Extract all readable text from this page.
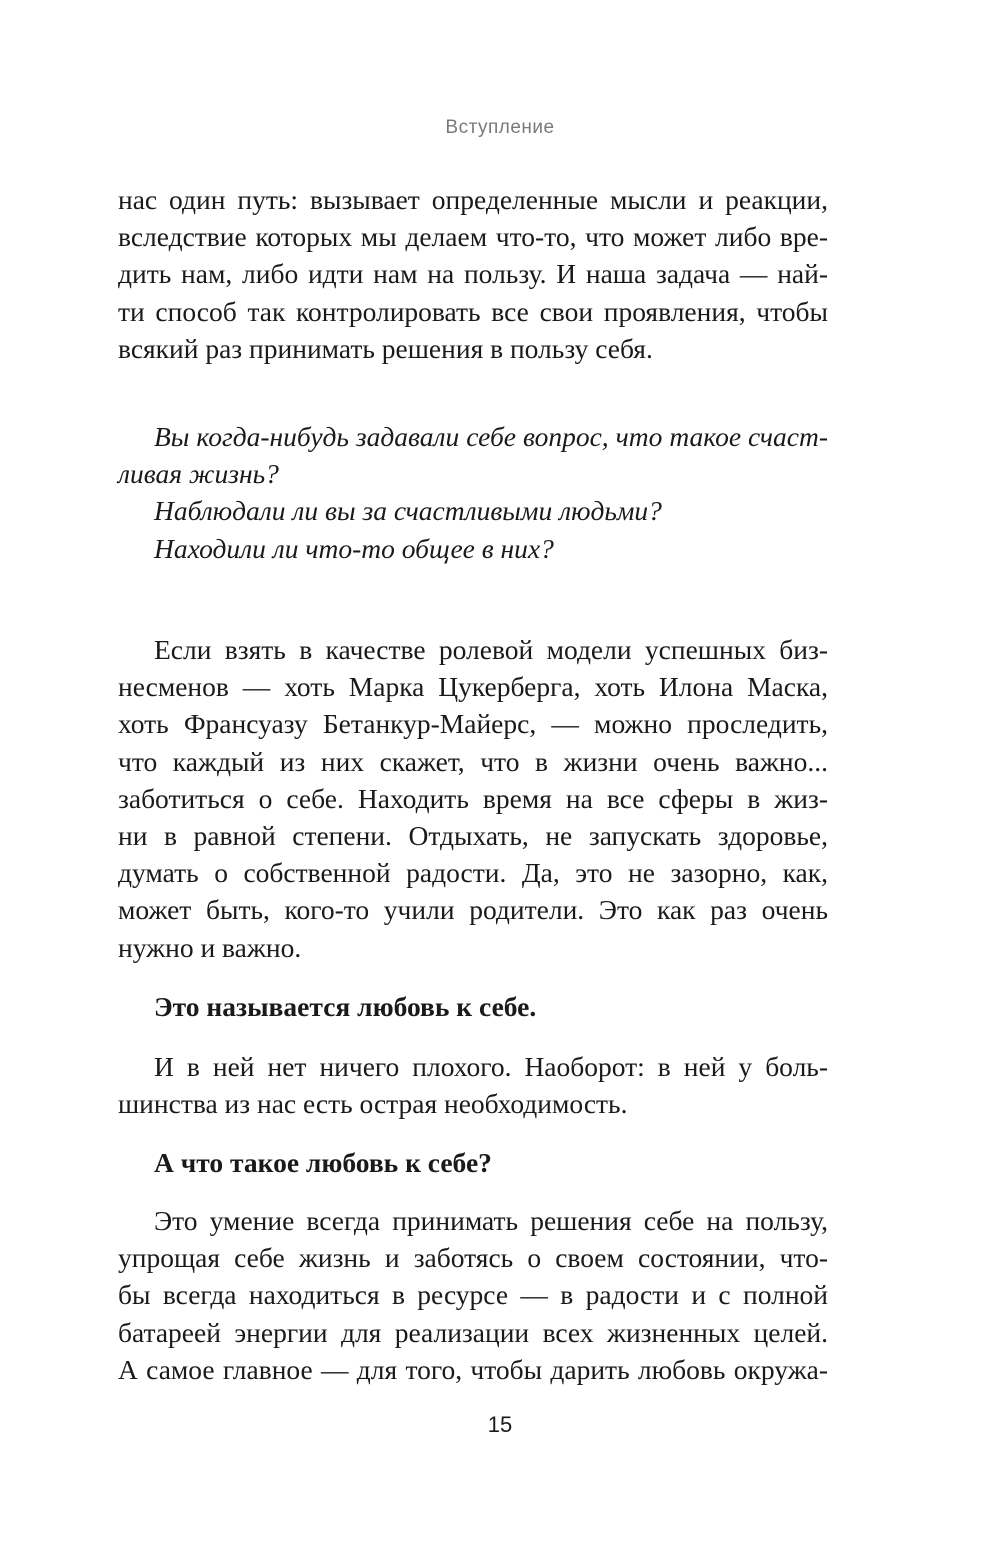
Вступление
нас один путь: вызывает определенные мысли и реакции,
вследствие которых мы делаем что-то, что может либо вре-
дить нам, либо идти нам на пользу. И наша задача — най-
ти способ так контролировать все свои проявления, чтобы
всякий раз принимать решения в пользу себя.
Вы когда-нибудь задавали себе вопрос, что такое счаст-
ливая жизнь?
Наблюдали ли вы за счастливыми людьми?
Находили ли что-то общее в них?
Если взять в качестве ролевой модели успешных биз-
несменов — хоть Марка Цукерберга, хоть Илона Маска,
хоть Франсуазу Бетанкур-Майерс, — можно проследить,
что каждый из них скажет, что в жизни очень важно...
заботиться о себе. Находить время на все сферы в жиз-
ни в равной степени. Отдыхать, не запускать здоровье,
думать о собственной радости. Да, это не зазорно, как,
может быть, кого-то учили родители. Это как раз очень
нужно и важно.
Это называется любовь к себе.
И в ней нет ничего плохого. Наоборот: в ней у боль-
шинства из нас есть острая необходимость.
А что такое любовь к себе?
Это умение всегда принимать решения себе на пользу,
упрощая себе жизнь и заботясь о своем состоянии, что-
бы всегда находиться в ресурсе — в радости и с полной
батареей энергии для реализации всех жизненных целей.
А самое главное — для того, чтобы дарить любовь окружа-
15
